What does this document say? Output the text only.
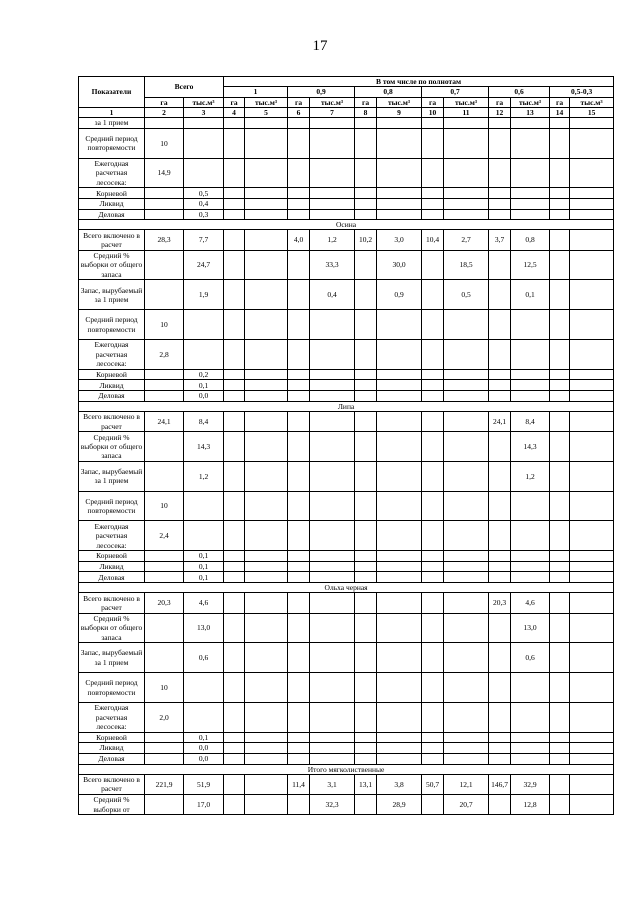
17
Показатели	Всего		В том числе по полнотам											
			1		0,9		0,8		0,7		0,6		0,5-0,3	
	га	тыс.м³	га	тыс.м³	га	тыс.м³	га	тыс.м³	га	тыс.м³	га	тыс.м³	га	тыс.м³
1	2	3	4	5	6	7	8	9	10	11	12	13	14	15
за 1 прием														
Средний период повторяемости	10													
Ежегодная расчетная лесосека:	14,9													
Корневой		0,5												
Ликвид		0,4												
Деловая		0,3												
Осина														
Всего включено в расчет	28,3	7,7			4,0	1,2	10,2	3,0	10,4	2,7	3,7	0,8		
Средний % выборки от общего запаса		24,7				33,3		30,0		18,5		12,5		
Запас, вырубаемый за 1 прием		1,9				0,4		0,9		0,5		0,1		
Средний период повторяемости	10													
Ежегодная расчетная лесосека:	2,8													
Корневой		0,2												
Ликвид		0,1												
Деловая		0,0												
Липа														
Всего включено в расчет	24,1	8,4									24,1	8,4		
Средний % выборки от общего запаса		14,3										14,3		
Запас, вырубаемый за 1 прием		1,2										1,2		
Средний период повторяемости	10													
Ежегодная расчетная лесосека:	2,4													
Корневой		0,1												
Ликвид		0,1												
Деловая		0,1												
Ольха черная														
Всего включено в расчет	20,3	4,6									20,3	4,6		
Средний % выборки от общего запаса		13,0										13,0		
Запас, вырубаемый за 1 прием		0,6										0,6		
Средний период повторяемости	10													
Ежегодная расчетная лесосека:	2,0													
Корневой		0,1												
Ликвид		0,0												
Деловая		0,0												
Итого мягколиственные														
Всего включено в расчет	221,9	51,9			11,4	3,1	13,1	3,8	50,7	12,1	146,7	32,9		
Средний % выборки от		17,0				32,3		28,9		20,7		12,8		
